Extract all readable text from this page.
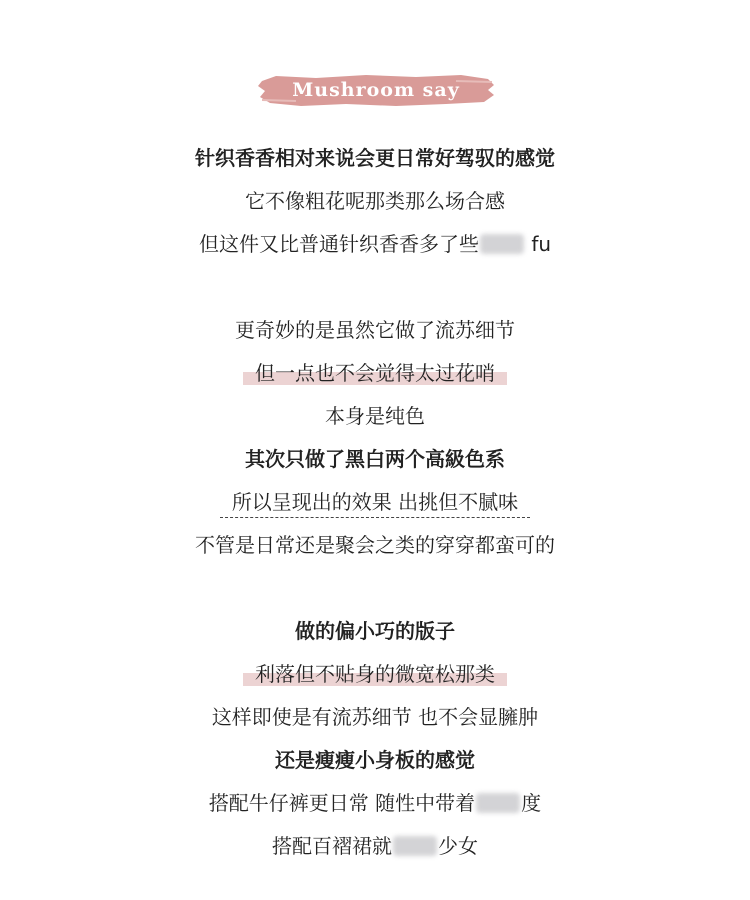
Mushroom say
针织香香相对来说会更日常好驾驭的感觉
它不像粗花呢那类那么场合感
但这件又比普通针织香香多了些	fu
更奇妙的是虽然它做了流苏细节
但一点也不会觉得太过花哨
本身是纯色
其次只做了黑白两个高級色系
所以呈现出的效果 出挑但不腻味
不管是日常还是聚会之类的穿穿都蛮可的
做的偏小巧的版子
利落但不贴身的微宽松那类
这样即使是有流苏细节 也不会显臃肿
还是瘦瘦小身板的感觉
搭配牛仔裤更日常 随性中带着 度
搭配百褶裙就 少女
